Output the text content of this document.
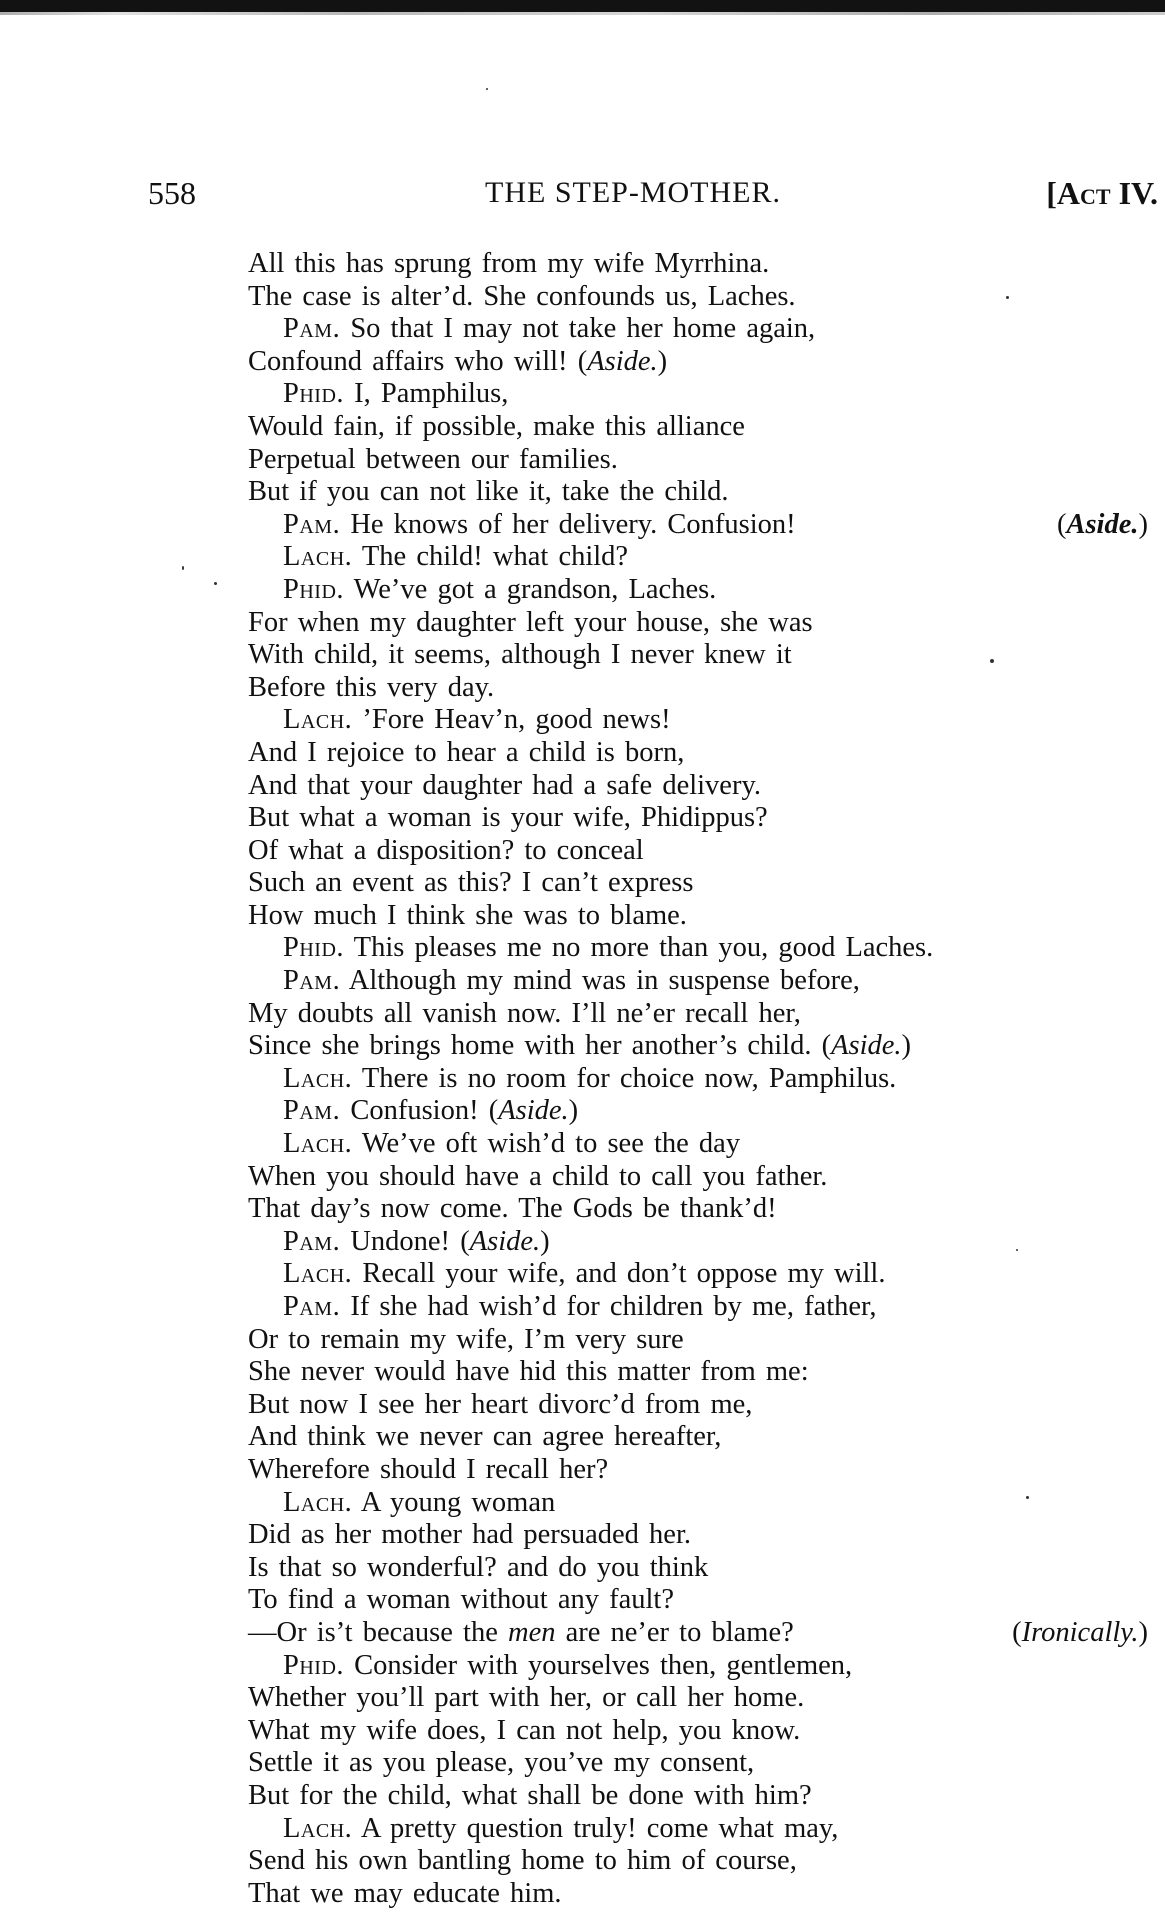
558	THE STEP-MOTHER.	[Act IV.
All this has sprung from my wife Myrrhina.
The case is alter’d. She confounds us, Laches.
Pam. So that I may not take her home again,
Confound affairs who will! (Aside.)
Phid. I, Pamphilus,
Would fain, if possible, make this alliance
Perpetual between our families.
But if you can not like it, take the child.
(Aside.)
Pam. He knows of her delivery. Confusion!
Lach. The child! what child?
Phid. We’ve got a grandson, Laches.
For when my daughter left your house, she was
With child, it seems, although I never knew it
Before this very day.
Lach. ’Fore Heav’n, good news!
And I rejoice to hear a child is born,
And that your daughter had a safe delivery.
But what a woman is your wife, Phidippus?
Of what a disposition? to conceal
Such an event as this? I can’t express
How much I think she was to blame.
Phid. This pleases me no more than you, good Laches.
Pam. Although my mind was in suspense before,
My doubts all vanish now. I’ll ne’er recall her,
Since she brings home with her another’s child. (Aside.)
Lach. There is no room for choice now, Pamphilus.
Pam. Confusion! (Aside.)
Lach. We’ve oft wish’d to see the day
When you should have a child to call you father.
That day’s now come. The Gods be thank’d!
Pam. Undone! (Aside.)
Lach. Recall your wife, and don’t oppose my will.
Pam. If she had wish’d for children by me, father,
Or to remain my wife, I’m very sure
She never would have hid this matter from me:
But now I see her heart divorc’d from me,
And think we never can agree hereafter,
Wherefore should I recall her?
Lach. A young woman
Did as her mother had persuaded her.
Is that so wonderful? and do you think
To find a woman without any fault?
(Ironically.)
—Or is’t because the men are ne’er to blame?
Phid. Consider with yourselves then, gentlemen,
Whether you’ll part with her, or call her home.
What my wife does, I can not help, you know.
Settle it as you please, you’ve my consent,
But for the child, what shall be done with him?
Lach. A pretty question truly! come what may,
Send his own bantling home to him of course,
That we may educate him.
